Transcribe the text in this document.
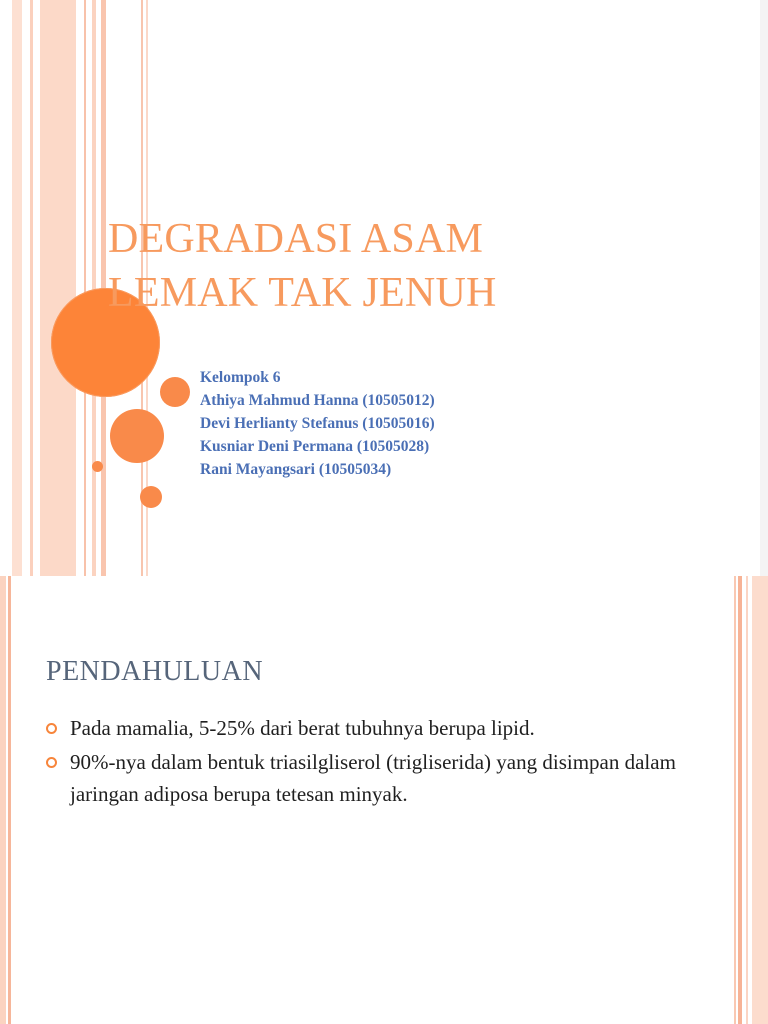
DEGRADASI ASAM
LEMAK TAK JENUH
Kelompok 6
Athiya Mahmud Hanna (10505012)
Devi Herlianty Stefanus (10505016)
Kusniar Deni Permana (10505028)
Rani Mayangsari (10505034)
PENDAHULUAN
Pada mamalia, 5-25% dari berat tubuhnya berupa lipid.
90%-nya dalam bentuk triasilgliserol (trigliserida) yang disimpan dalam jaringan adiposa berupa tetesan minyak.
